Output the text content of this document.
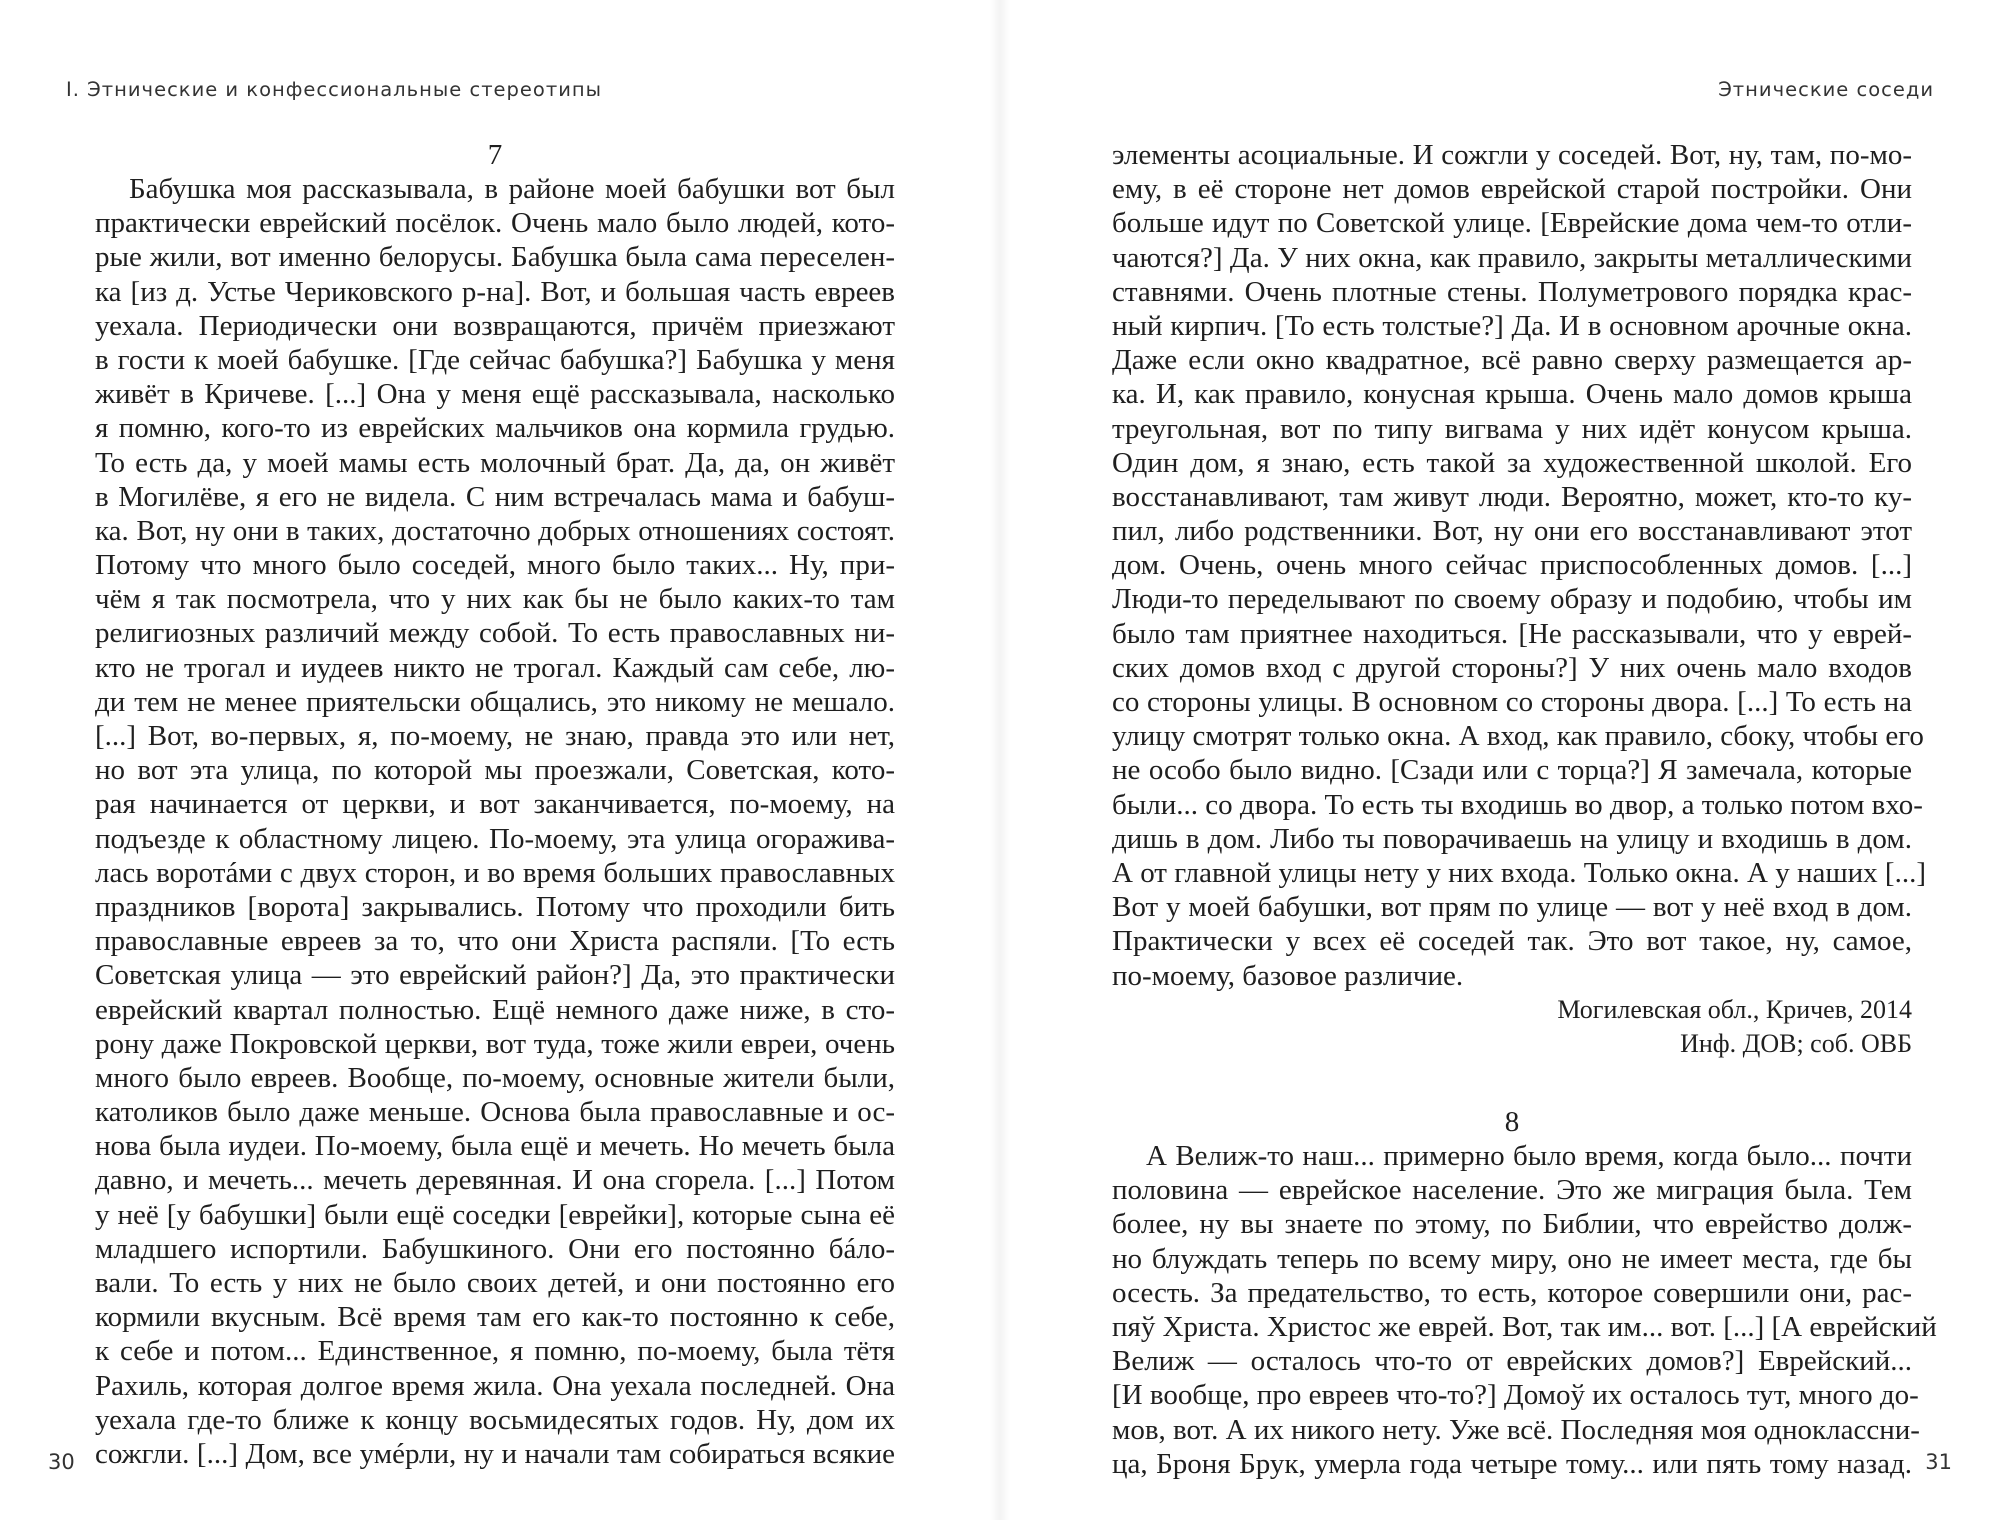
I. Этнические и конфессиональные стереотипы
7
Бабушка моя рассказывала, в районе моей бабушки вот был
практически еврейский посёлок. Очень мало было людей, кото-
рые жили, вот именно белорусы. Бабушка была сама переселен-
ка [из д. Устье Чериковского р-на]. Вот, и большая часть евреев
уехала. Периодически они возвращаются, причём приезжают
в гости к моей бабушке. [Где сейчас бабушка?] Бабушка у меня
живёт в Кричеве. [...] Она у меня ещё рассказывала, насколько
я помню, кого-то из еврейских мальчиков она кормила грудью.
То есть да, у моей мамы есть молочный брат. Да, да, он живёт
в Могилёве, я его не видела. С ним встречалась мама и бабуш-
ка. Вот, ну они в таких, достаточно добрых отношениях состоят.
Потому что много было соседей, много было таких... Ну, при-
чём я так посмотрела, что у них как бы не было каких-то там
религиозных различий между собой. То есть православных ни-
кто не трогал и иудеев никто не трогал. Каждый сам себе, лю-
ди тем не менее приятельски общались, это никому не мешало.
[...] Вот, во-первых, я, по-моему, не знаю, правда это или нет,
но вот эта улица, по которой мы проезжали, Советская, кото-
рая начинается от церкви, и вот заканчивается, по-моему, на
подъезде к областному лицею. По-моему, эта улица огоражива-
лась воротáми с двух сторон, и во время больших православных
праздников [ворота] закрывались. Потому что проходили бить
православные евреев за то, что они Христа распяли. [То есть
Советская улица — это еврейский район?] Да, это практически
еврейский квартал полностью. Ещё немного даже ниже, в сто-
рону даже Покровской церкви, вот туда, тоже жили евреи, очень
много было евреев. Вообще, по-моему, основные жители были,
католиков было даже меньше. Основа была православные и ос-
нова была иудеи. По-моему, была ещё и мечеть. Но мечеть была
давно, и мечеть... мечеть деревянная. И она сгорела. [...] Потом
у неё [у бабушки] были ещё соседки [еврейки], которые сына её
младшего испортили. Бабушкиного. Они его постоянно бáло-
вали. То есть у них не было своих детей, и они постоянно его
кормили вкусным. Всё время там его как-то постоянно к себе,
к себе и потом... Единственное, я помню, по-моему, была тётя
Рахиль, которая долгое время жила. Она уехала последней. Она
уехала где-то ближе к концу восьмидесятых годов. Ну, дом их
сожгли. [...] Дом, все умéрли, ну и начали там собираться всякие
30
Этнические соседи
элементы асоциальные. И сожгли у соседей. Вот, ну, там, по-мо-
ему, в её стороне нет домов еврейской старой постройки. Они
больше идут по Советской улице. [Еврейские дома чем-то отли-
чаются?] Да. У них окна, как правило, закрыты металлическими
ставнями. Очень плотные стены. Полуметрового порядка крас-
ный кирпич. [То есть толстые?] Да. И в основном арочные окна.
Даже если окно квадратное, всё равно сверху размещается ар-
ка. И, как правило, конусная крыша. Очень мало домов крыша
треугольная, вот по типу вигвама у них идёт конусом крыша.
Один дом, я знаю, есть такой за художественной школой. Его
восстанавливают, там живут люди. Вероятно, может, кто-то ку-
пил, либо родственники. Вот, ну они его восстанавливают этот
дом. Очень, очень много сейчас приспособленных домов. [...]
Люди-то переделывают по своему образу и подобию, чтобы им
было там приятнее находиться. [Не рассказывали, что у еврей-
ских домов вход с другой стороны?] У них очень мало входов
со стороны улицы. В основном со стороны двора. [...] То есть на
улицу смотрят только окна. А вход, как правило, сбоку, чтобы его
не особо было видно. [Сзади или с торца?] Я замечала, которые
были... со двора. То есть ты входишь во двор, а только потом вхо-
дишь в дом. Либо ты поворачиваешь на улицу и входишь в дом.
А от главной улицы нету у них входа. Только окна. А у наших [...]
Вот у моей бабушки, вот прям по улице — вот у неё вход в дом.
Практически у всех её соседей так. Это вот такое, ну, самое,
по-моему, базовое различие.
Могилевская обл., Кричев, 2014
Инф. ДОВ; соб. ОВБ
8
А Велиж-то наш... примерно было время, когда было... почти
половина — еврейское население. Это же миграция была. Тем
более, ну вы знаете по этому, по Библии, что еврейство долж-
но блуждать теперь по всему миру, оно не имеет места, где бы
осесть. За предательство, то есть, которое совершили они, рас-
пяў Христа. Христос же еврей. Вот, так им... вот. [...] [А еврейский
Велиж — осталось что-то от еврейских домов?] Еврейский...
[И вообще, про евреев что-то?] Домоў их осталось тут, много до-
мов, вот. А их никого нету. Уже всё. Последняя моя одноклассни-
ца, Броня Брук, умерла года четыре тому... или пять тому назад. 31
